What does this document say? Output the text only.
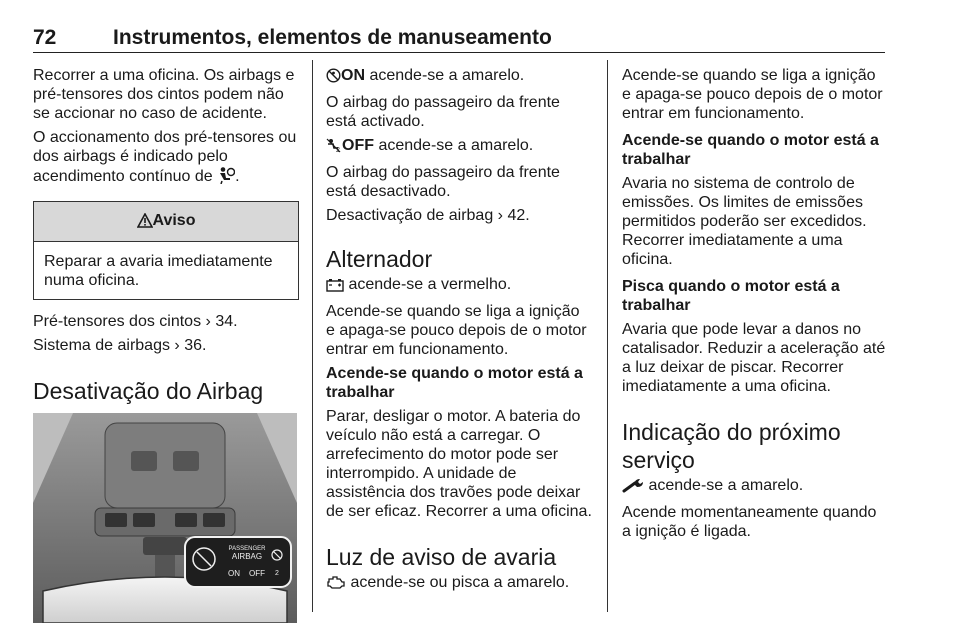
72	Instrumentos, elementos de manuseamento

Recorrer a uma oficina. Os airbags e pré-tensores dos cintos podem não se accionar no caso de acidente.

O accionamento dos pré-tensores ou dos airbags é indicado pelo acendimento contínuo de .

Aviso
Reparar a avaria imediatamente numa oficina.

Pré-tensores dos cintos › 34.

Sistema de airbags › 36.

Desativação do Airbag
PASSENGER
AIRBAG
ON OFF 2

ON acende-se a amarelo.

O airbag do passageiro da frente está activado.

2 OFF acende-se a amarelo.

O airbag do passageiro da frente está desactivado.

Desactivação de airbag › 42.

Alternador

acende-se a vermelho.

Acende-se quando se liga a ignição e apaga-se pouco depois de o motor entrar em funcionamento.

Acende-se quando o motor está a trabalhar

Parar, desligar o motor. A bateria do veículo não está a carregar. O arrefecimento do motor pode ser interrompido. A unidade de assistência dos travões pode deixar de ser eficaz. Recorrer a uma oficina.

Luz de aviso de avaria

acende-se ou pisca a amarelo.

Acende-se quando se liga a ignição e apaga-se pouco depois de o motor entrar em funcionamento.

Acende-se quando o motor está a trabalhar

Avaria no sistema de controlo de emissões. Os limites de emissões permitidos poderão ser excedidos. Recorrer imediatamente a uma oficina.

Pisca quando o motor está a trabalhar

Avaria que pode levar a danos no catalisador. Reduzir a aceleração até a luz deixar de piscar. Recorrer imediatamente a uma oficina.

Indicação do próximo serviço

acende-se a amarelo.

Acende momentaneamente quando a ignição é ligada.
